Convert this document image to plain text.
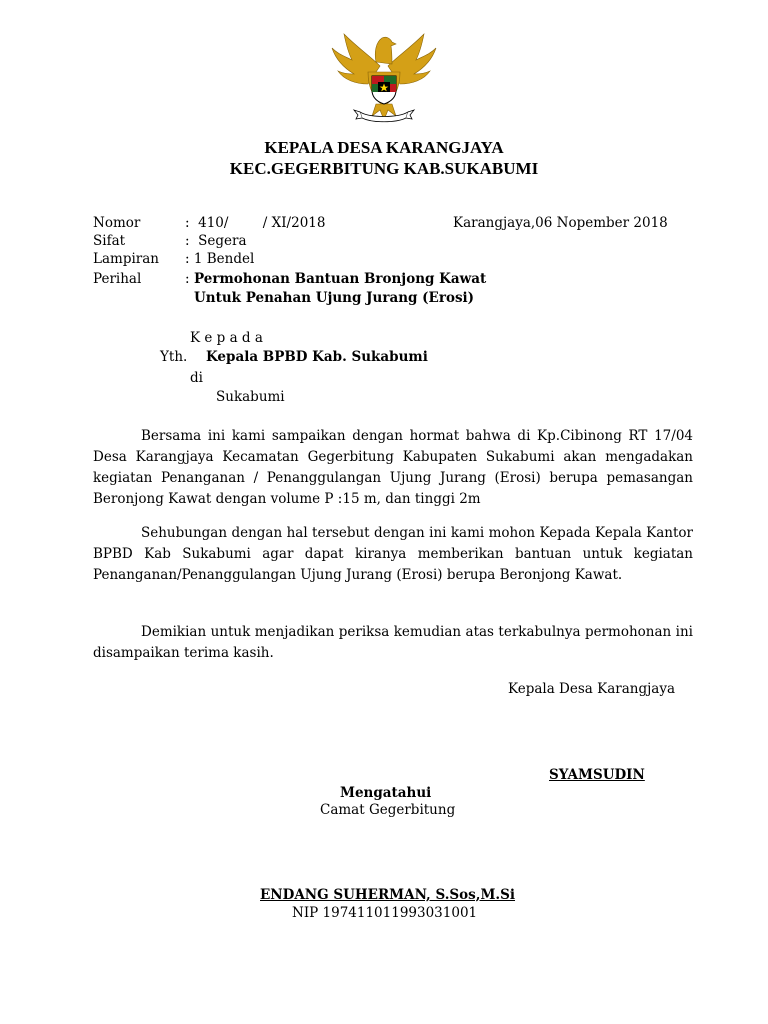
KEPALA DESA KARANGJAYA
KEC.GEGERBITUNG KAB.SUKABUMI
Nomor	:  410/        / XI/2018	Karangjaya,06 Nopember 2018
Sifat	:  Segera
Lampiran : 1 Bendel
Perihal	: Permohonan Bantuan Bronjong Kawat
Untuk Penahan Ujung Jurang (Erosi)
K e p a d a
Yth. Kepala BPBD Kab. Sukabumi
di
Sukabumi

Bersama ini kami sampaikan dengan hormat bahwa di Kp.Cibinong RT 17/04 Desa Karangjaya Kecamatan Gegerbitung Kabupaten Sukabumi akan mengadakan kegiatan Penanganan / Penanggulangan Ujung Jurang (Erosi) berupa pemasangan Beronjong Kawat dengan volume P :15 m, dan tinggi 2m

Sehubungan dengan hal tersebut dengan ini kami mohon Kepada Kepala Kantor BPBD Kab Sukabumi agar dapat kiranya memberikan bantuan untuk kegiatan Penanganan/Penanggulangan Ujung Jurang (Erosi) berupa Beronjong Kawat.

Demikian untuk menjadikan periksa kemudian atas terkabulnya permohonan ini disampaikan terima kasih.

Kepala Desa Karangjaya
SYAMSUDIN
Mengatahui
Camat Gegerbitung
ENDANG SUHERMAN, S.Sos,M.Si
NIP 197411011993031001
